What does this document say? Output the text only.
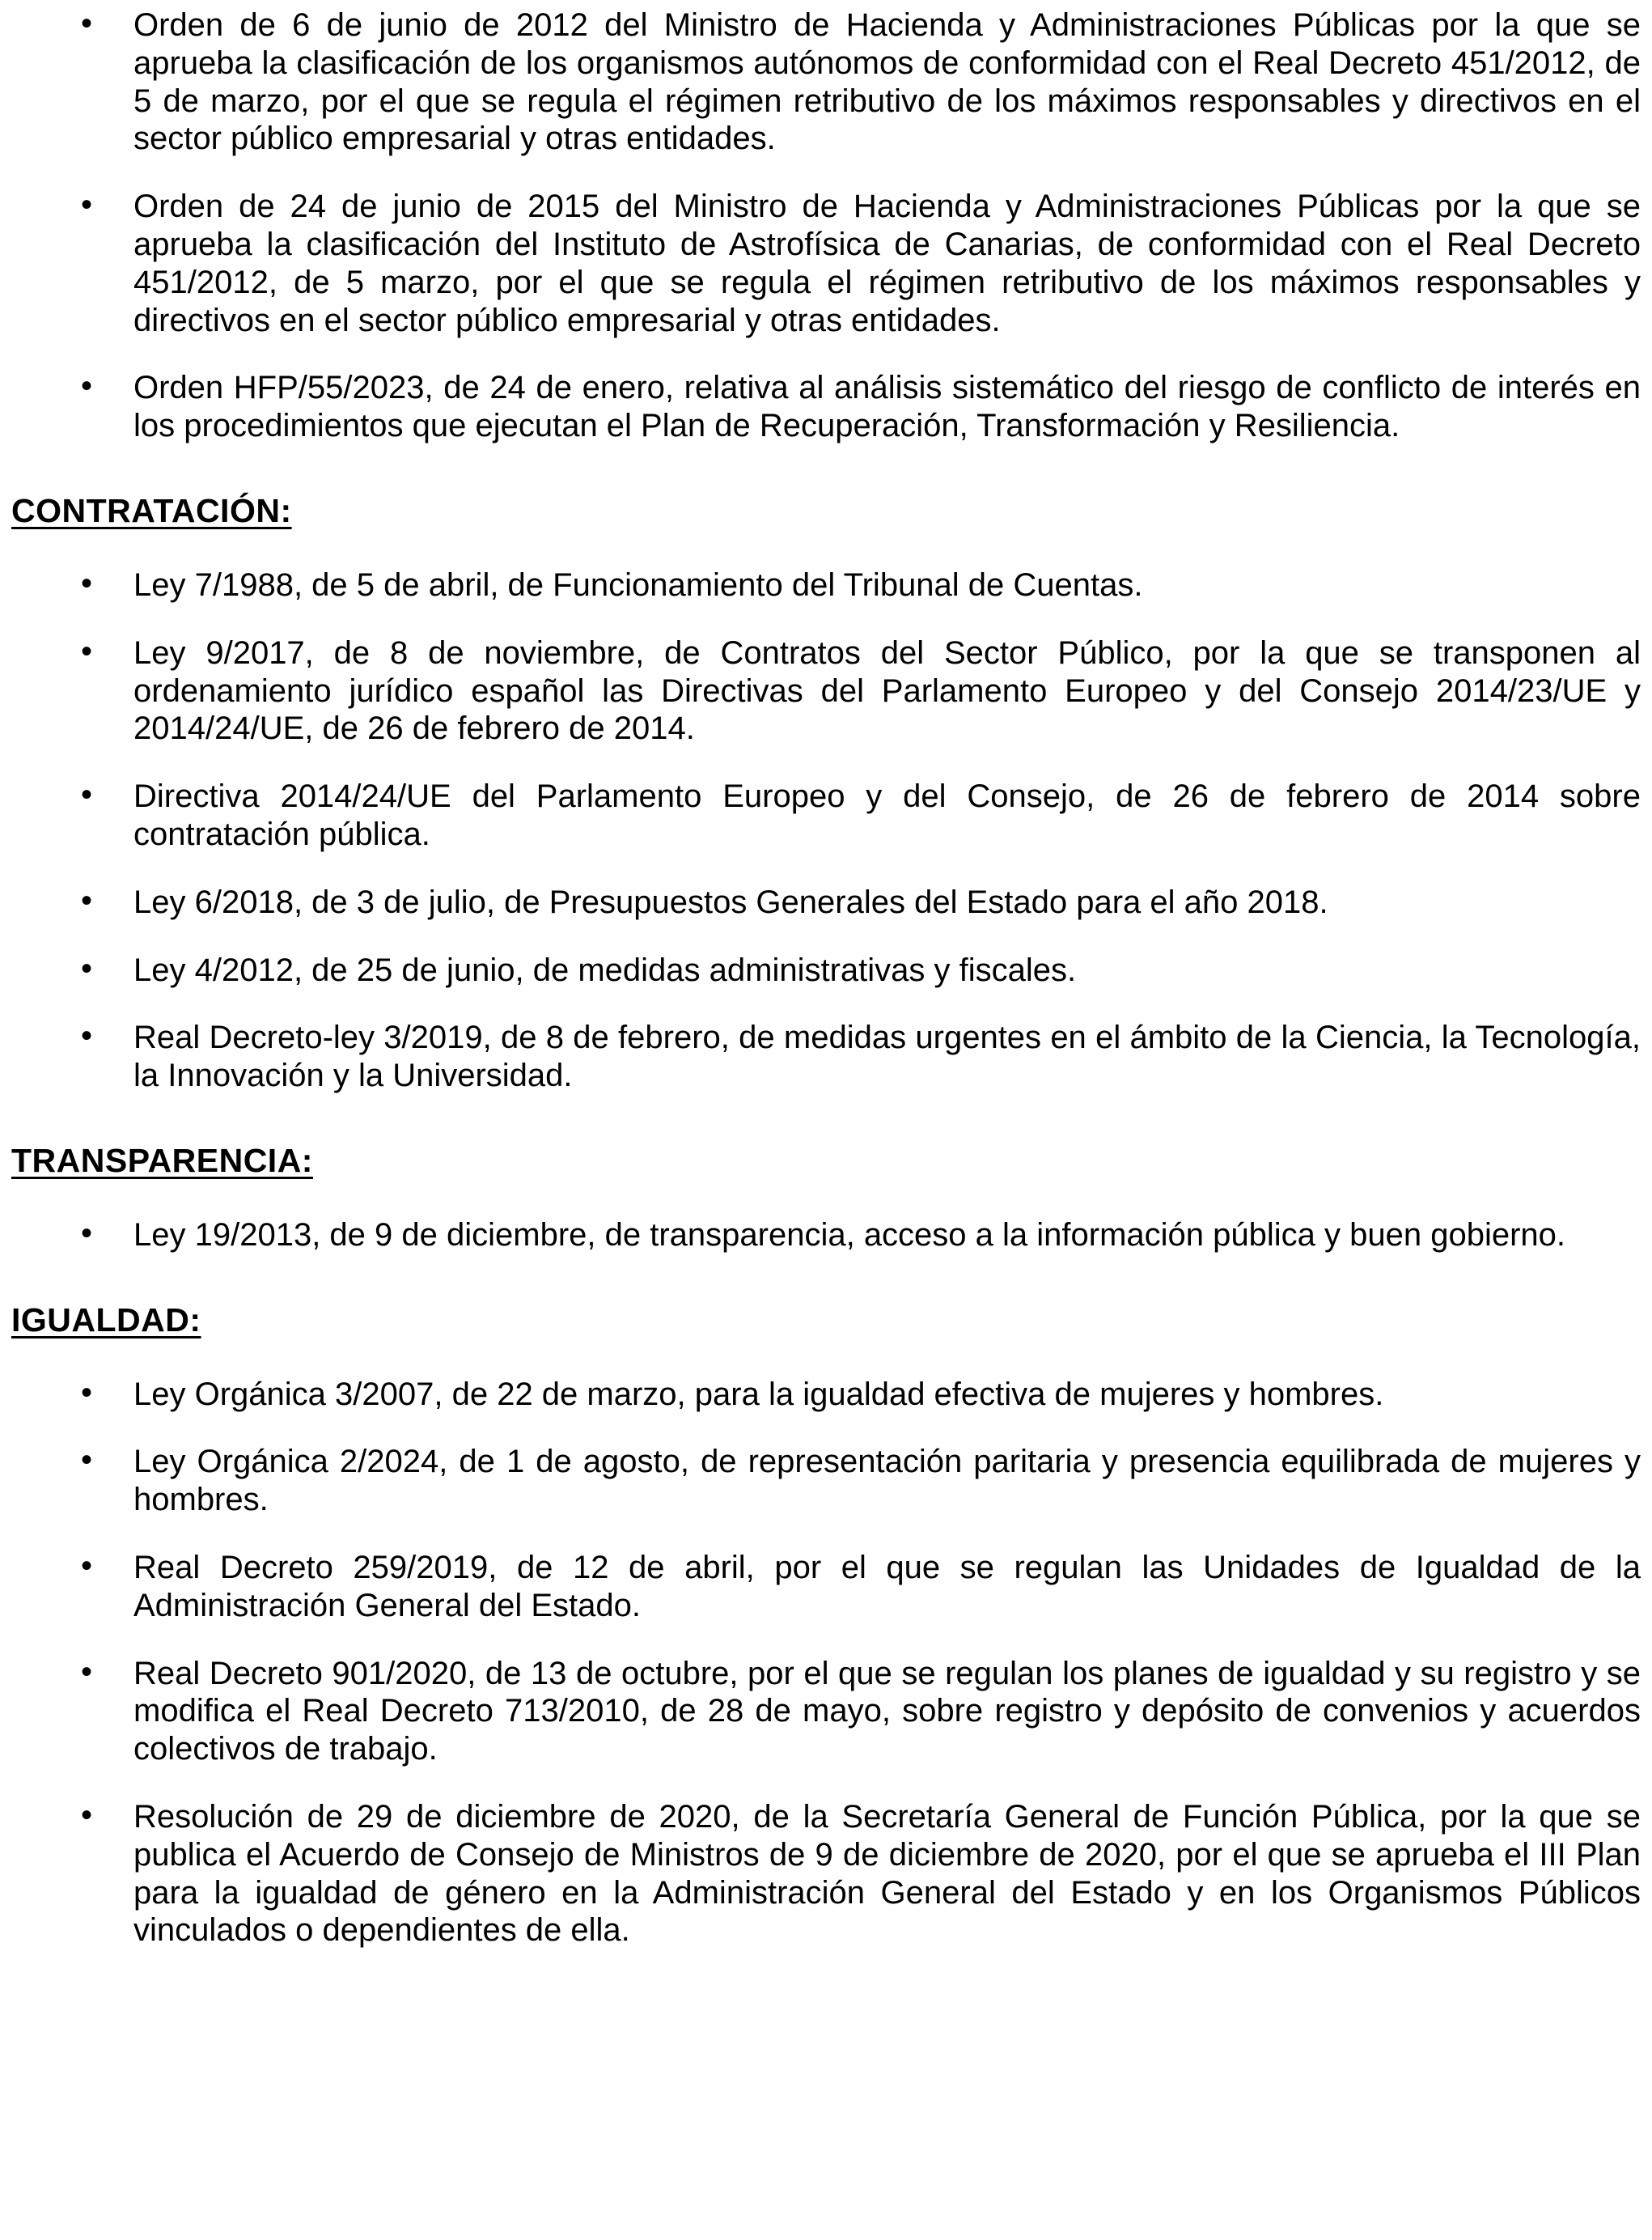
• Orden de 6 de junio de 2012 del Ministro de Hacienda y Administraciones Públicas por la que se aprueba la clasificación de los organismos autónomos de conformidad con el Real Decreto 451/2012, de 5 de marzo, por el que se regula el régimen retributivo de los máximos responsables y directivos en el sector público empresarial y otras entidades.
• Orden de 24 de junio de 2015 del Ministro de Hacienda y Administraciones Públicas por la que se aprueba la clasificación del Instituto de Astrofísica de Canarias, de conformidad con el Real Decreto 451/2012, de 5 marzo, por el que se regula el régimen retributivo de los máximos responsables y directivos en el sector público empresarial y otras entidades.
• Orden HFP/55/2023, de 24 de enero, relativa al análisis sistemático del riesgo de conflicto de interés en los procedimientos que ejecutan el Plan de Recuperación, Transformación y Resiliencia.
CONTRATACIÓN:
• Ley 7/1988, de 5 de abril, de Funcionamiento del Tribunal de Cuentas.
• Ley 9/2017, de 8 de noviembre, de Contratos del Sector Público, por la que se transponen al ordenamiento jurídico español las Directivas del Parlamento Europeo y del Consejo 2014/23/UE y 2014/24/UE, de 26 de febrero de 2014.
• Directiva 2014/24/UE del Parlamento Europeo y del Consejo, de 26 de febrero de 2014 sobre contratación pública.
• Ley 6/2018, de 3 de julio, de Presupuestos Generales del Estado para el año 2018.
• Ley 4/2012, de 25 de junio, de medidas administrativas y fiscales.
• Real Decreto-ley 3/2019, de 8 de febrero, de medidas urgentes en el ámbito de la Ciencia, la Tecnología, la Innovación y la Universidad.
TRANSPARENCIA:
• Ley 19/2013, de 9 de diciembre, de transparencia, acceso a la información pública y buen gobierno.
IGUALDAD:
• Ley Orgánica 3/2007, de 22 de marzo, para la igualdad efectiva de mujeres y hombres.
• Ley Orgánica 2/2024, de 1 de agosto, de representación paritaria y presencia equilibrada de mujeres y hombres.
• Real Decreto 259/2019, de 12 de abril, por el que se regulan las Unidades de Igualdad de la Administración General del Estado.
• Real Decreto 901/2020, de 13 de octubre, por el que se regulan los planes de igualdad y su registro y se modifica el Real Decreto 713/2010, de 28 de mayo, sobre registro y depósito de convenios y acuerdos colectivos de trabajo.
• Resolución de 29 de diciembre de 2020, de la Secretaría General de Función Pública, por la que se publica el Acuerdo de Consejo de Ministros de 9 de diciembre de 2020, por el que se aprueba el III Plan para la igualdad de género en la Administración General del Estado y en los Organismos Públicos vinculados o dependientes de ella.
